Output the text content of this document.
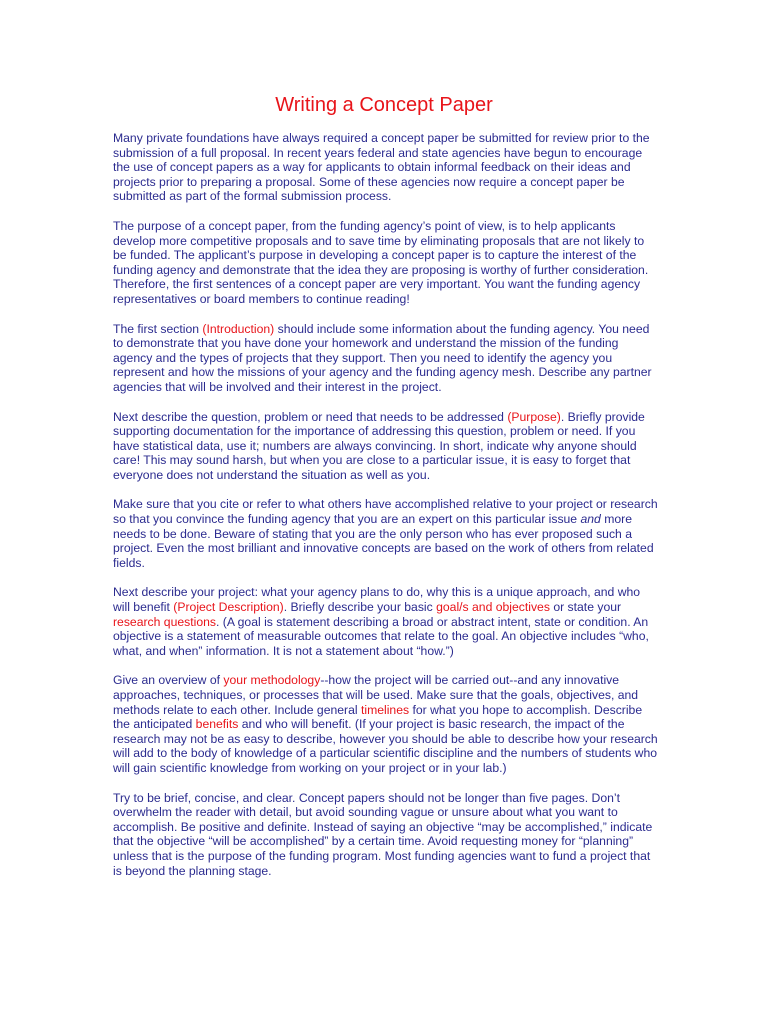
Writing a Concept Paper

Many private foundations have always required a concept paper be submitted for review prior to the submission of a full proposal. In recent years federal and state agencies have begun to encourage the use of concept papers as a way for applicants to obtain informal feedback on their ideas and projects prior to preparing a proposal. Some of these agencies now require a concept paper be submitted as part of the formal submission process.

The purpose of a concept paper, from the funding agency’s point of view, is to help applicants develop more competitive proposals and to save time by eliminating proposals that are not likely to be funded. The applicant’s purpose in developing a concept paper is to capture the interest of the funding agency and demonstrate that the idea they are proposing is worthy of further consideration. Therefore, the first sentences of a concept paper are very important. You want the funding agency representatives or board members to continue reading!

The first section (Introduction) should include some information about the funding agency. You need to demonstrate that you have done your homework and understand the mission of the funding agency and the types of projects that they support. Then you need to identify the agency you represent and how the missions of your agency and the funding agency mesh. Describe any partner agencies that will be involved and their interest in the project.

Next describe the question, problem or need that needs to be addressed (Purpose). Briefly provide supporting documentation for the importance of addressing this question, problem or need. If you have statistical data, use it; numbers are always convincing. In short, indicate why anyone should care! This may sound harsh, but when you are close to a particular issue, it is easy to forget that everyone does not understand the situation as well as you.

Make sure that you cite or refer to what others have accomplished relative to your project or research so that you convince the funding agency that you are an expert on this particular issue and more needs to be done. Beware of stating that you are the only person who has ever proposed such a project. Even the most brilliant and innovative concepts are based on the work of others from related fields.

Next describe your project: what your agency plans to do, why this is a unique approach, and who will benefit (Project Description). Briefly describe your basic goal/s and objectives or state your research questions. (A goal is statement describing a broad or abstract intent, state or condition. An objective is a statement of measurable outcomes that relate to the goal. An objective includes “who, what, and when” information. It is not a statement about “how.”)

Give an overview of your methodology--how the project will be carried out--and any innovative approaches, techniques, or processes that will be used. Make sure that the goals, objectives, and methods relate to each other. Include general timelines for what you hope to accomplish. Describe the anticipated benefits and who will benefit. (If your project is basic research, the impact of the research may not be as easy to describe, however you should be able to describe how your research will add to the body of knowledge of a particular scientific discipline and the numbers of students who will gain scientific knowledge from working on your project or in your lab.)

Try to be brief, concise, and clear. Concept papers should not be longer than five pages. Don’t overwhelm the reader with detail, but avoid sounding vague or unsure about what you want to accomplish. Be positive and definite. Instead of saying an objective “may be accomplished,” indicate that the objective “will be accomplished” by a certain time. Avoid requesting money for “planning” unless that is the purpose of the funding program. Most funding agencies want to fund a project that is beyond the planning stage.
